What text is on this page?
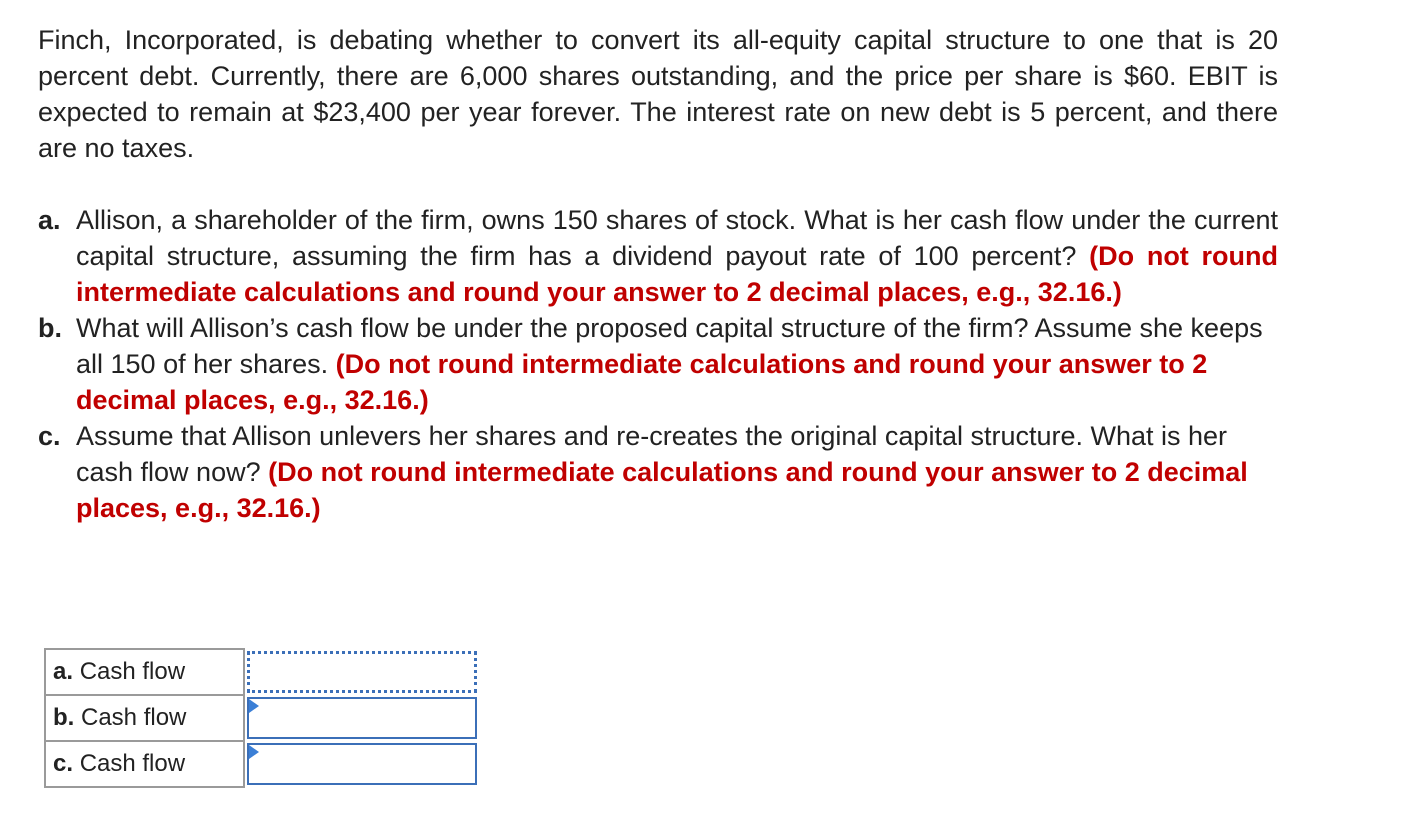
Finch, Incorporated, is debating whether to convert its all-equity capital structure to one that is 20 percent debt. Currently, there are 6,000 shares outstanding, and the price per share is $60. EBIT is expected to remain at $23,400 per year forever. The interest rate on new debt is 5 percent, and there are no taxes.
a. Allison, a shareholder of the firm, owns 150 shares of stock. What is her cash flow under the current capital structure, assuming the firm has a dividend payout rate of 100 percent? (Do not round intermediate calculations and round your answer to 2 decimal places, e.g., 32.16.)
b. What will Allison’s cash flow be under the proposed capital structure of the firm? Assume she keeps all 150 of her shares. (Do not round intermediate calculations and round your answer to 2 decimal places, e.g., 32.16.)
c. Assume that Allison unlevers her shares and re-creates the original capital structure. What is her cash flow now? (Do not round intermediate calculations and round your answer to 2 decimal places, e.g., 32.16.)
a. Cash flow	

b. Cash flow	

c. Cash flow	
